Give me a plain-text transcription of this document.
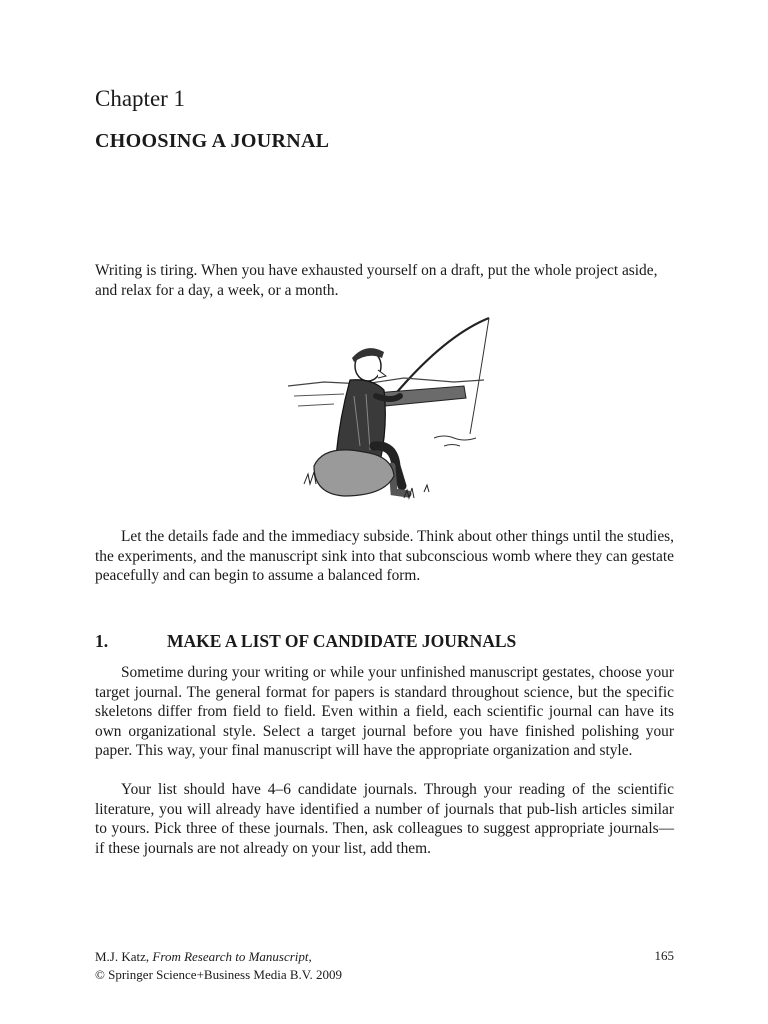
Chapter 1
CHOOSING A JOURNAL

Writing is tiring. When you have exhausted yourself on a draft, put the whole project aside, and relax for a day, a week, or a month.

Let the details fade and the immediacy subside. Think about other things until the studies, the experiments, and the manuscript sink into that subconscious womb where they can gestate peacefully and can begin to assume a balanced form.

1.	MAKE A LIST OF CANDIDATE JOURNALS

Sometime during your writing or while your unfinished manuscript gestates, choose your target journal. The general format for papers is standard throughout science, but the specific skeletons differ from field to field. Even within a field, each scientific journal can have its own organizational style. Select a target journal before you have finished polishing your paper. This way, your final manuscript will have the appropriate organization and style.

Your list should have 4–6 candidate journals. Through your reading of the scientific literature, you will already have identified a number of journals that pub-lish articles similar to yours. Pick three of these journals. Then, ask colleagues to suggest appropriate journals—if these journals are not already on your list, add them.

M.J. Katz, From Research to Manuscript,
© Springer Science+Business Media B.V. 2009
165
